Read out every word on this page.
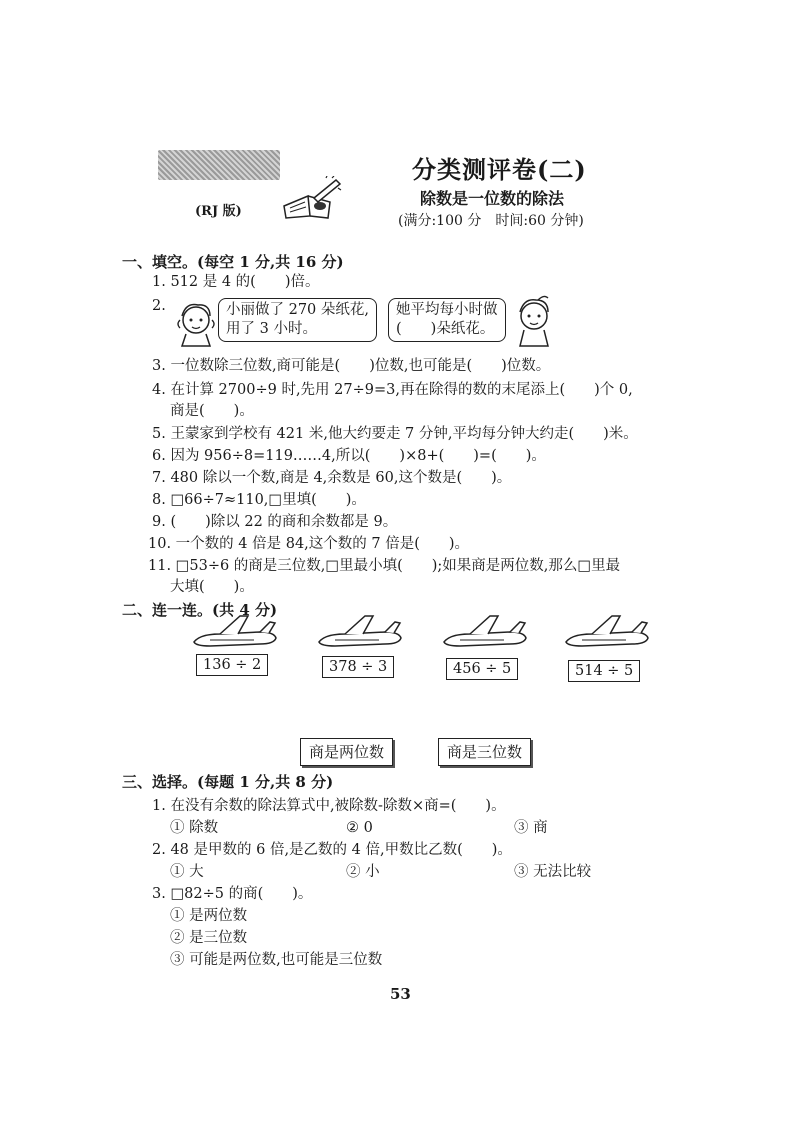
(RJ 版)
分类测评卷(二)
除数是一位数的除法
(满分:100 分　时间:60 分钟)
一、填空。(每空 1 分,共 16 分)
1. 512 是 4 的(　　)倍。
2.	小丽做了 270 朵纸花,
用了 3 小时。
她平均每小时做
(　　)朵纸花。
3. 一位数除三位数,商可能是(　　)位数,也可能是(　　)位数。
4. 在计算 2700÷9 时,先用 27÷9=3,再在除得的数的末尾添上(　　)个 0,
商是(　　)。
5. 王蒙家到学校有 421 米,他大约要走 7 分钟,平均每分钟大约走(　　)米。
6. 因为 956÷8=119……4,所以(　　)×8+(　　)=(　　)。
7. 480 除以一个数,商是 4,余数是 60,这个数是(　　)。
8. □66÷7≈110,□里填(　　)。
9. (　　)除以 22 的商和余数都是 9。
10. 一个数的 4 倍是 84,这个数的 7 倍是(　　)。
11. □53÷6 的商是三位数,□里最小填(　　);如果商是两位数,那么□里最
大填(　　)。
二、连一连。(共 4 分)
136 ÷ 2	378 ÷ 3	456 ÷ 5	514 ÷ 5
商是两位数	商是三位数
三、选择。(每题 1 分,共 8 分)
1. 在没有余数的除法算式中,被除数-除数×商=(　　)。
① 除数	② 0	③ 商
2. 48 是甲数的 6 倍,是乙数的 4 倍,甲数比乙数(　　)。
① 大	② 小	③ 无法比较
3. □82÷5 的商(　　)。
① 是两位数
② 是三位数
③ 可能是两位数,也可能是三位数
53
